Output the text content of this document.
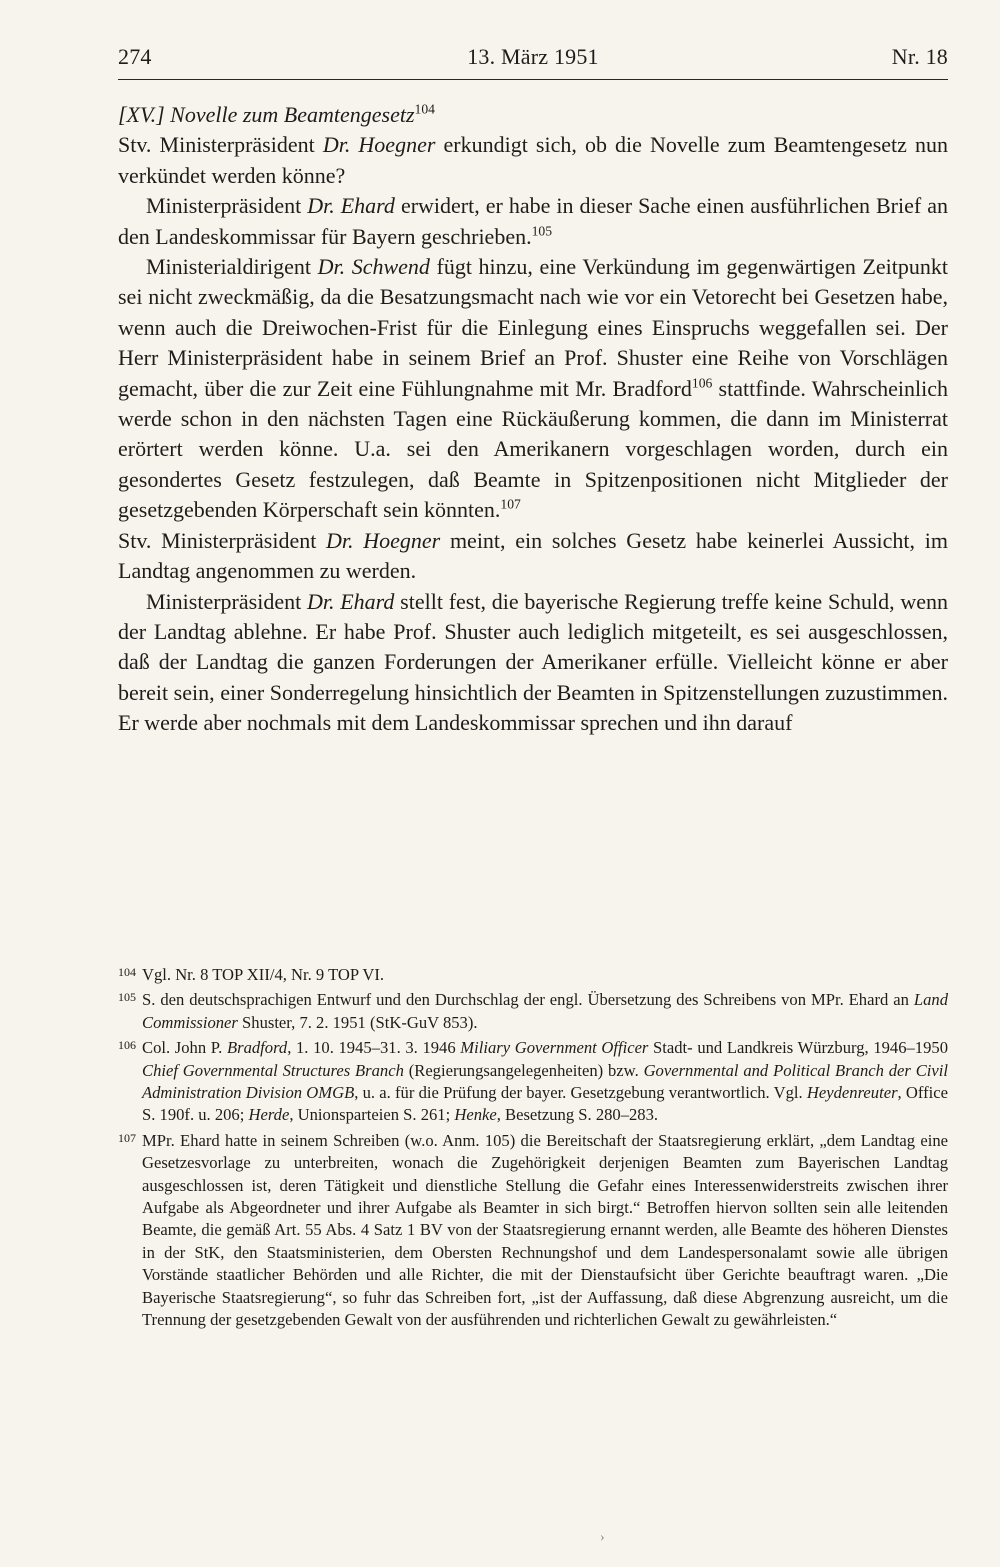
274	13. März 1951	Nr. 18

[XV.] Novelle zum Beamtengesetz$^{104}$

Stv. Ministerpräsident Dr. Hoegner erkundigt sich, ob die Novelle zum Beamtengesetz nun verkündet werden könne?

Ministerpräsident Dr. Ehard erwidert, er habe in dieser Sache einen ausführlichen Brief an den Landeskommissar für Bayern geschrieben.$^{105}$

Ministerialdirigent Dr. Schwend fügt hinzu, eine Verkündung im gegenwärtigen Zeitpunkt sei nicht zweckmäßig, da die Besatzungsmacht nach wie vor ein Vetorecht bei Gesetzen habe, wenn auch die Dreiwochen-Frist für die Einlegung eines Einspruchs weggefallen sei. Der Herr Ministerpräsident habe in seinem Brief an Prof. Shuster eine Reihe von Vorschlägen gemacht, über die zur Zeit eine Fühlungnahme mit Mr. Bradford$^{106}$ stattfinde. Wahrscheinlich werde schon in den nächsten Tagen eine Rückäußerung kommen, die dann im Ministerrat erörtert werden könne. U.a. sei den Amerikanern vorgeschlagen worden, durch ein gesondertes Gesetz festzulegen, daß Beamte in Spitzenpositionen nicht Mitglieder der gesetzgebenden Körperschaft sein könnten.$^{107}$

Stv. Ministerpräsident Dr. Hoegner meint, ein solches Gesetz habe keinerlei Aussicht, im Landtag angenommen zu werden.

Ministerpräsident Dr. Ehard stellt fest, die bayerische Regierung treffe keine Schuld, wenn der Landtag ablehne. Er habe Prof. Shuster auch lediglich mitgeteilt, es sei ausgeschlossen, daß der Landtag die ganzen Forderungen der Amerikaner erfülle. Vielleicht könne er aber bereit sein, einer Sonderregelung hinsichtlich der Beamten in Spitzenstellungen zuzustimmen. Er werde aber nochmals mit dem Landeskommissar sprechen und ihn darauf

104 Vgl. Nr. 8 TOP XII/4, Nr. 9 TOP VI.
105 S. den deutschsprachigen Entwurf und den Durchschlag der engl. Übersetzung des Schreibens von MPr. Ehard an Land Commissioner Shuster, 7. 2. 1951 (StK-GuV 853).
106 Col. John P. Bradford, 1. 10. 1945–31. 3. 1946 Miliary Government Officer Stadt- und Landkreis Würzburg, 1946–1950 Chief Governmental Structures Branch (Regierungsangelegenheiten) bzw. Governmental and Political Branch der Civil Administration Division OMGB, u. a. für die Prüfung der bayer. Gesetzgebung verantwortlich. Vgl. Heydenreuter, Office S. 190f. u. 206; Herde, Unionsparteien S. 261; Henke, Besetzung S. 280–283.
107 MPr. Ehard hatte in seinem Schreiben (w.o. Anm. 105) die Bereitschaft der Staatsregierung erklärt, „dem Landtag eine Gesetzesvorlage zu unterbreiten, wonach die Zugehörigkeit derjenigen Beamten zum Bayerischen Landtag ausgeschlossen ist, deren Tätigkeit und dienstliche Stellung die Gefahr eines Interessenwiderstreits zwischen ihrer Aufgabe als Abgeordneter und ihrer Aufgabe als Beamter in sich birgt.“ Betroffen hiervon sollten sein alle leitenden Beamte, die gemäß Art. 55 Abs. 4 Satz 1 BV von der Staatsregierung ernannt werden, alle Beamte des höheren Dienstes in der StK, den Staatsministerien, dem Obersten Rechnungshof und dem Landespersonalamt sowie alle übrigen Vorstände staatlicher Behörden und alle Richter, die mit der Dienstaufsicht über Gerichte beauftragt waren. „Die Bayerische Staatsregierung“, so fuhr das Schreiben fort, „ist der Auffassung, daß diese Abgrenzung ausreicht, um die Trennung der gesetzgebenden Gewalt von der ausführenden und richterlichen Gewalt zu gewährleisten.“
›
